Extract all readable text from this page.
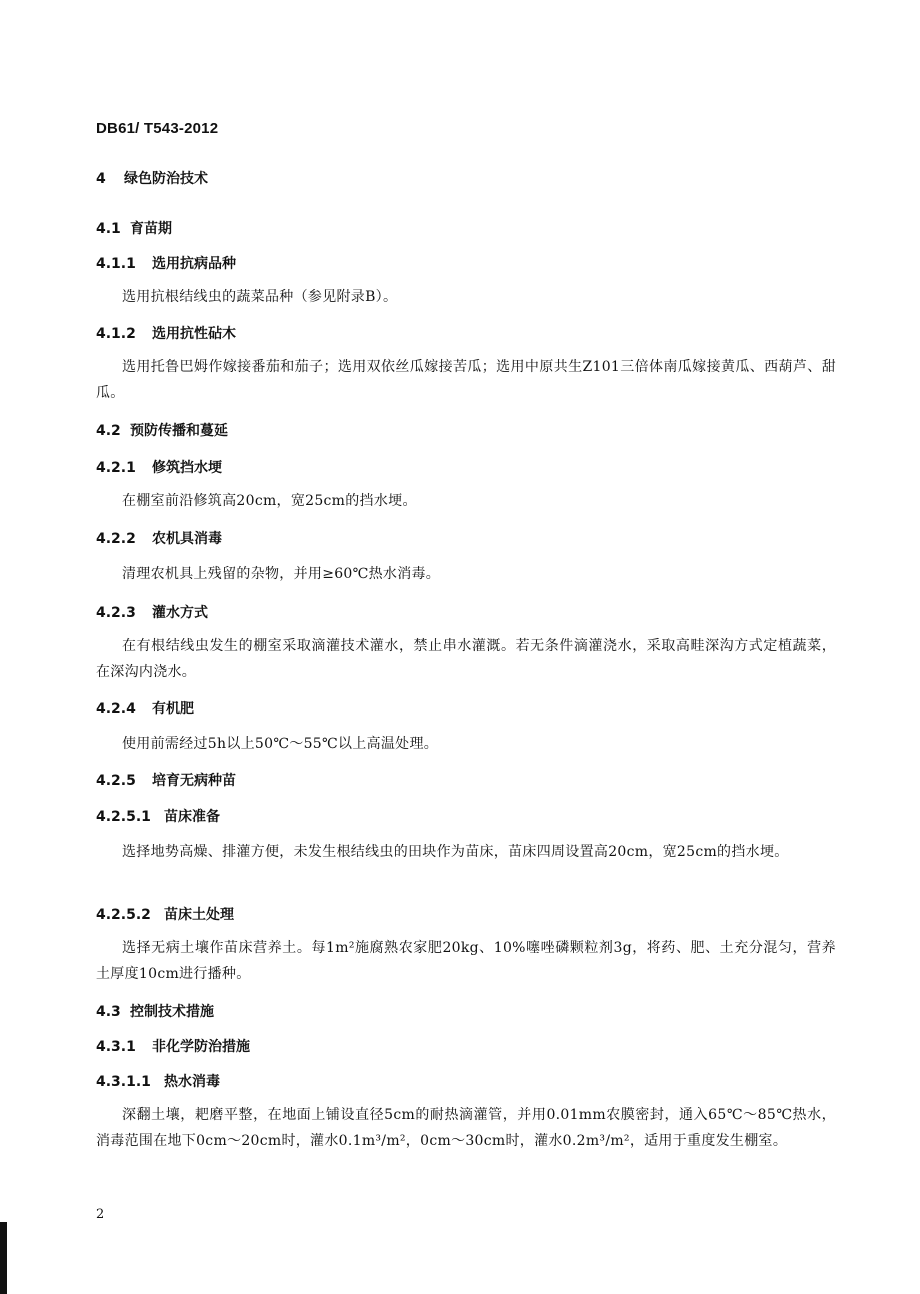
DB61/ T543-2012
4 绿色防治技术
4.1 育苗期
4.1.1 选用抗病品种
选用抗根结线虫的蔬菜品种（参见附录B）。
4.1.2 选用抗性砧木
选用托鲁巴姆作嫁接番茄和茄子；选用双依丝瓜嫁接苦瓜；选用中原共生Z101三倍体南瓜嫁接黄瓜、西葫芦、甜瓜。
4.2 预防传播和蔓延
4.2.1 修筑挡水埂
在棚室前沿修筑高20cm，宽25cm的挡水埂。
4.2.2 农机具消毒
清理农机具上残留的杂物，并用≥60℃热水消毒。
4.2.3 灌水方式
在有根结线虫发生的棚室采取滴灌技术灌水，禁止串水灌溉。若无条件滴灌浇水，采取高畦深沟方式定植蔬菜，在深沟内浇水。
4.2.4 有机肥
使用前需经过5h以上50℃～55℃以上高温处理。
4.2.5 培育无病种苗
4.2.5.1 苗床准备
选择地势高燥、排灌方便，未发生根结线虫的田块作为苗床，苗床四周设置高20cm，宽25cm的挡水埂。
4.2.5.2 苗床土处理
选择无病土壤作苗床营养土。每1m²施腐熟农家肥20kg、10%噻唑磷颗粒剂3g，将药、肥、土充分混匀，营养土厚度10cm进行播种。
4.3 控制技术措施
4.3.1 非化学防治措施
4.3.1.1 热水消毒
深翻土壤，耙磨平整，在地面上铺设直径5cm的耐热滴灌管，并用0.01mm农膜密封，通入65℃～85℃热水，消毒范围在地下0cm～20cm时，灌水0.1m³/m²，0cm～30cm时，灌水0.2m³/m²，适用于重度发生棚室。
2
